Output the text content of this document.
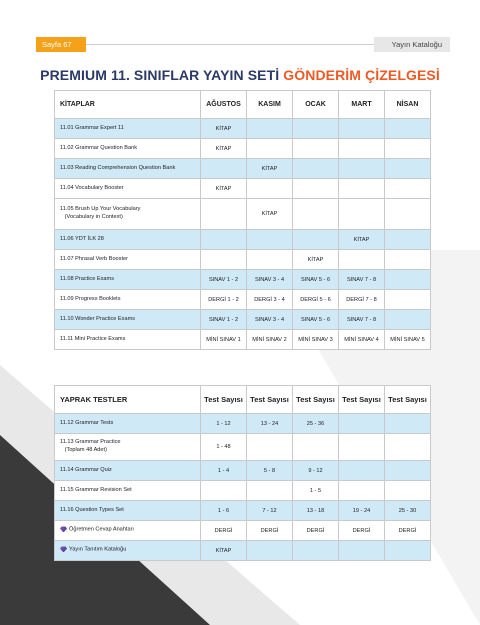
Sayfa 67	Yayın Kataloğu
PREMIUM 11. SINIFLAR YAYIN SETİ GÖNDERİM ÇİZELGESİ
KİTAPLAR	AĞUSTOS	KASIM	OCAK	MART	NİSAN
11.01 Grammar Expert 11	KİTAP				
11.02 Grammar Question Bank	KİTAP				
11.03 Reading Comprehension Question Bank		KİTAP			
11.04 Vocabulary Booster	KİTAP				
11.05 Brush Up Your Vocabulary
(Vocabulary in Context)		KİTAP			
11.06 YDT İLK 28				KİTAP	
11.07 Phrasal Verb Booster			KİTAP		
11.08 Practice Exams	SINAV 1 - 2	SINAV 3 - 4	SINAV 5 - 6	SINAV 7 - 8	
11.09 Progress Booklets	DERGİ 1 - 2	DERGİ 3 - 4	DERGİ 5 - 6	DERGİ 7 - 8	
11.10 Wonder Practice Exams	SINAV 1 - 2	SINAV 3 - 4	SINAV 5 - 6	SINAV 7 - 8	
11.11 Mini Practice Exams	MİNİ SINAV 1	MİNİ SINAV 2	MİNİ SINAV 3	MİNİ SINAV 4	MİNİ SINAV 5
YAPRAK TESTLER	Test Sayısı	Test Sayısı	Test Sayısı	Test Sayısı	Test Sayısı
11.12 Grammar Tests	1 - 12	13 - 24	25 - 36		
11.13 Grammar Practice
(Toplam 48 Adet)	1 - 48				
11.14 Grammar Quiz	1 - 4	5 - 8	9 - 12		
11.15 Grammar Revision Set			1 - 5		
11.16 Question Types Set	1 - 6	7 - 12	13 - 18	19 - 24	25 - 30
Öğretmen Cevap Anahtarı	DERGİ	DERGİ	DERGİ	DERGİ	DERGİ
Yayın Tanıtım Kataloğu	KİTAP				
